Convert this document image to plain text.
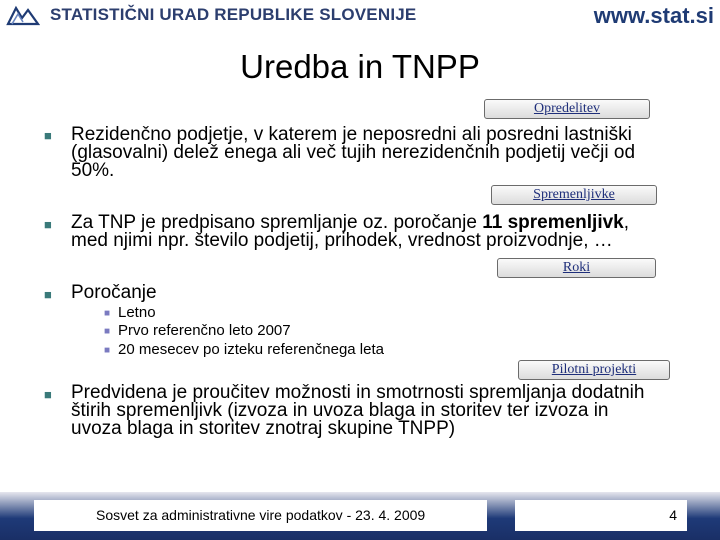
STATISTIČNI URAD REPUBLIKE SLOVENIJE	www.stat.si
Uredba in TNPP
Opredelitev
Spremenljivke
Roki
Pilotni projekti
■ Rezidenčno podjetje, v katerem je neposredni ali posredni lastniški
(glasovalni) delež enega ali več tujih nerezidenčnih podjetij večji od
50%.
■ Za TNP je predpisano spremljanje oz. poročanje 11 spremenljivk,
med njimi npr. število podjetij, prihodek, vrednost proizvodnje, …
■ Poročanje
■ Letno
■ Prvo referenčno leto 2007
■ 20 mesecev po izteku referenčnega leta
■ Predvidena je proučitev možnosti in smotrnosti spremljanja dodatnih
štirih spremenljivk (izvoza in uvoza blaga in storitev ter izvoza in
uvoza blaga in storitev znotraj skupine TNPP)
Sosvet za administrativne vire podatkov - 23. 4. 2009	4
